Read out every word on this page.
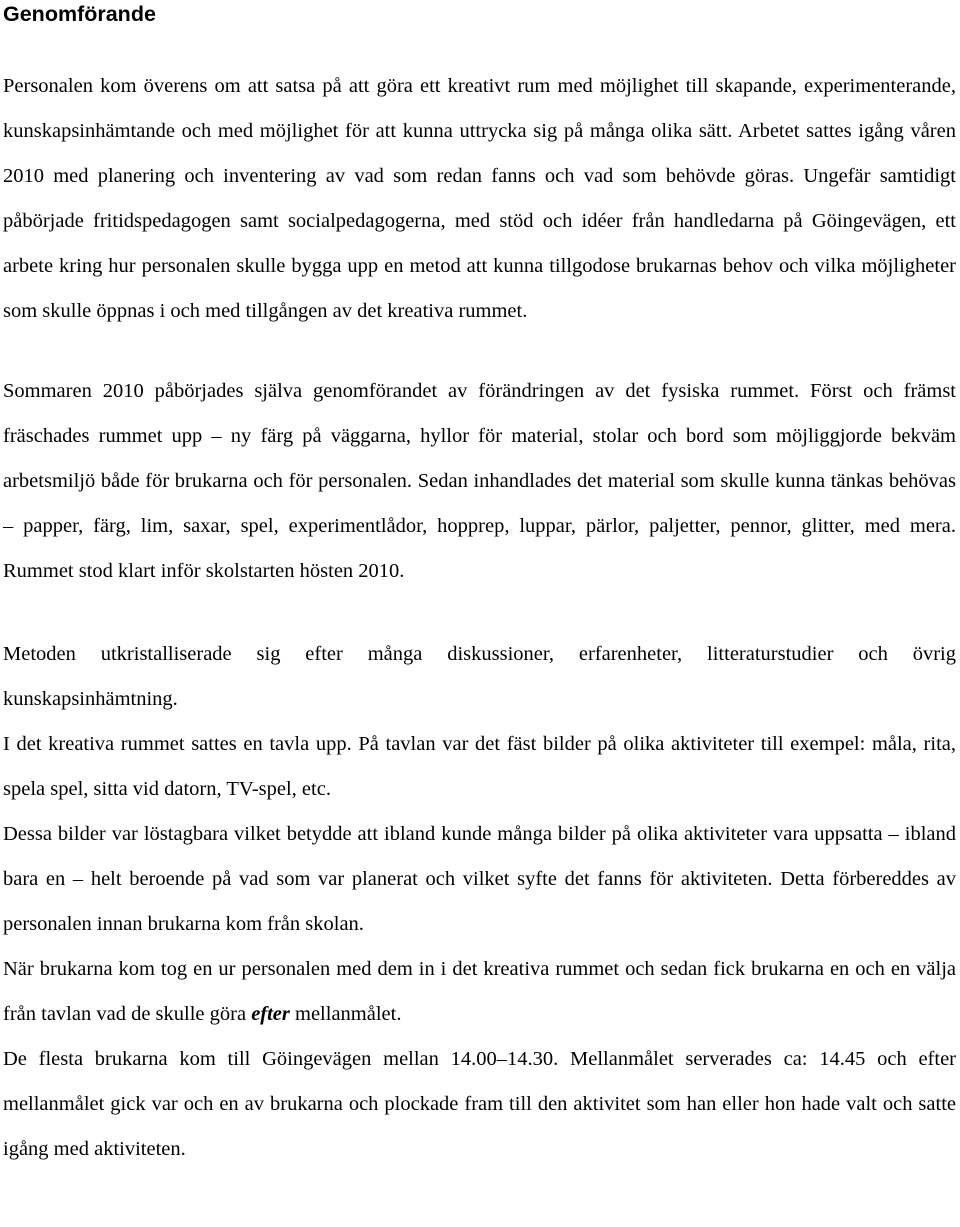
Genomförande

Personalen kom överens om att satsa på att göra ett kreativt rum med möjlighet till skapande, experimenterande, kunskapsinhämtande och med möjlighet för att kunna uttrycka sig på många olika sätt. Arbetet sattes igång våren 2010 med planering och inventering av vad som redan fanns och vad som behövde göras. Ungefär samtidigt påbörjade fritidspedagogen samt socialpedagogerna, med stöd och idéer från handledarna på Göingevägen, ett arbete kring hur personalen skulle bygga upp en metod att kunna tillgodose brukarnas behov och vilka möjligheter som skulle öppnas i och med tillgången av det kreativa rummet.

Sommaren 2010 påbörjades själva genomförandet av förändringen av det fysiska rummet. Först och främst fräschades rummet upp – ny färg på väggarna, hyllor för material, stolar och bord som möjliggjorde bekväm arbetsmiljö både för brukarna och för personalen. Sedan inhandlades det material som skulle kunna tänkas behövas – papper, färg, lim, saxar, spel, experimentlådor, hopprep, luppar, pärlor, paljetter, pennor, glitter, med mera. Rummet stod klart inför skolstarten hösten 2010.

Metoden utkristalliserade sig efter många diskussioner, erfarenheter, litteraturstudier och övrig kunskapsinhämtning.

I det kreativa rummet sattes en tavla upp. På tavlan var det fäst bilder på olika aktiviteter till exempel: måla, rita, spela spel, sitta vid datorn, TV-spel, etc.

Dessa bilder var löstagbara vilket betydde att ibland kunde många bilder på olika aktiviteter vara uppsatta – ibland bara en – helt beroende på vad som var planerat och vilket syfte det fanns för aktiviteten. Detta förbereddes av personalen innan brukarna kom från skolan.

När brukarna kom tog en ur personalen med dem in i det kreativa rummet och sedan fick brukarna en och en välja från tavlan vad de skulle göra efter mellanmålet.

De flesta brukarna kom till Göingevägen mellan 14.00–14.30. Mellanmålet serverades ca: 14.45 och efter mellanmålet gick var och en av brukarna och plockade fram till den aktivitet som han eller hon hade valt och satte igång med aktiviteten.
